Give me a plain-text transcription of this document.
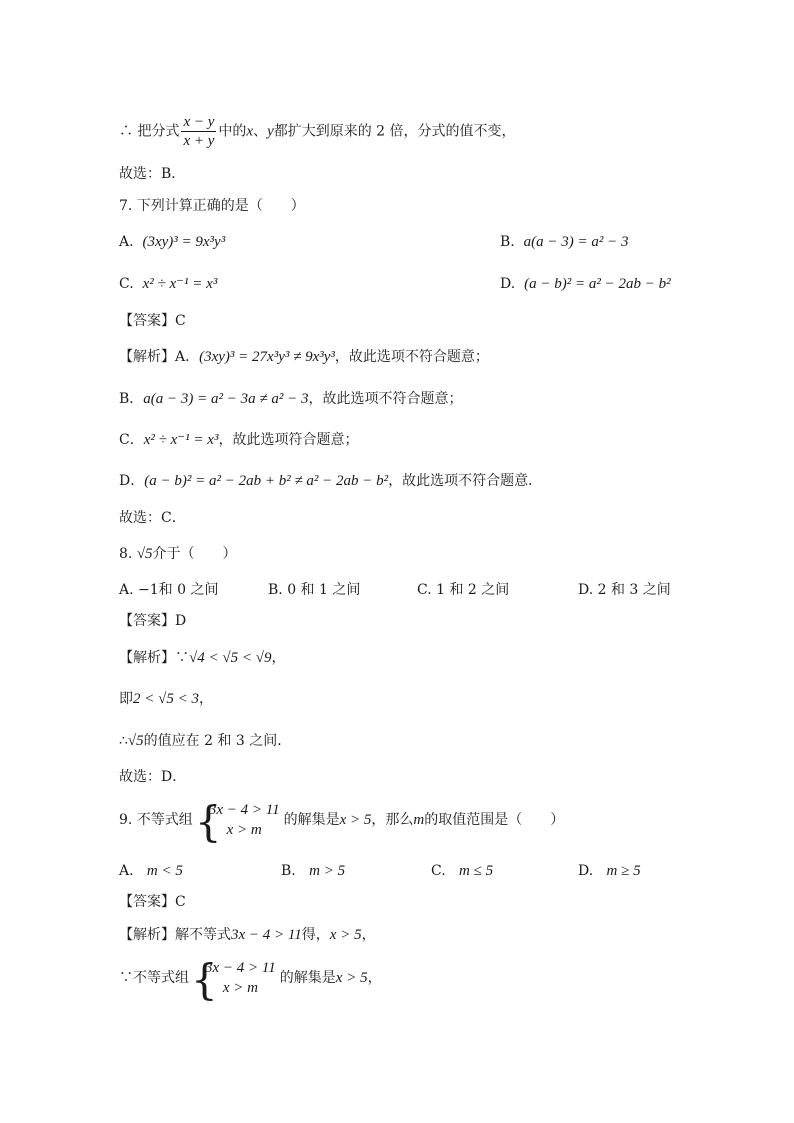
∴ 把分式 $\frac{x - y}{x + y}$ 中的x、y都扩大到原来的 2 倍，分式的值不变，
故选：B．
7. 下列计算正确的是（　　）
A. (3xy)³ = 9x³y³	B. a(a − 3) = a² − 3
C. x² ÷ x⁻¹ = x³	D. (a − b)² = a² − 2ab − b²
【答案】C
【解析】A．(3xy)³ = 27x³y³ ≠ 9x³y³，故此选项不符合题意；
B．a(a − 3) = a² − 3a ≠ a² − 3，故此选项不符合题意；
C．x² ÷ x⁻¹ = x³，故此选项符合题意；
D．(a − b)² = a² − 2ab + b² ≠ a² − 2ab − b²，故此选项不符合题意．
故选：C．
8. √5介于（　　）
A. −1和 0 之间	B. 0 和 1 之间	C. 1 和 2 之间	D. 2 和 3 之间
【答案】D
【解析】∵√4 < √5 < √9，
即2 < √5 < 3，
∴√5的值应在 2 和 3 之间．
故选：D．
9. 不等式组 {
3x − 4 > 11
x > m
的解集是x > 5，那么m的取值范围是（　　）
A. m < 5	B. m > 5	C. m ≤ 5	D. m ≥ 5
【答案】C
【解析】解不等式3x − 4 > 11得，x > 5，
∵不等式组 {
3x − 4 > 11
x > m
的解集是x > 5，
